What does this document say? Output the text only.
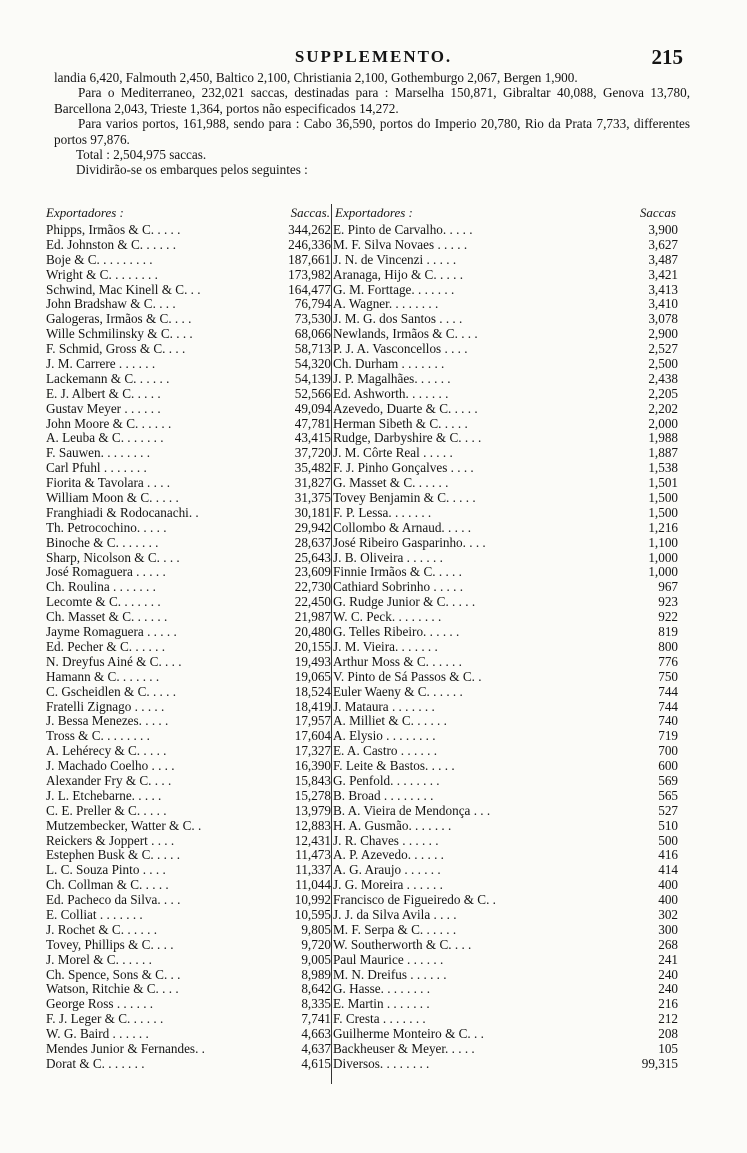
SUPPLEMENTO.	215

landia 6,420, Falmouth 2,450, Baltico 2,100, Christiania 2,100, Gothemburgo 2,067, Bergen 1,900.

Para o Mediterraneo, 232,021 saccas, destinadas para : Marselha 150,871, Gibraltar 40,088, Genova 13,780, Barcellona 2,043, Trieste 1,364, portos não especificados 14,272.

Para varios portos, 161,988, sendo para : Cabo 36,590, portos do Imperio 20,780, Rio da Prata 7,733, differentes portos 97,876.

Total : 2,504,975 saccas.

Dividirão-se os embarques pelos seguintes :

Exportadores :	Saccas. Exportadores :	Saccas
Phipps, Irmãos & C. . . . .	344,262
Ed. Johnston & C. . . . . .	246,336
Boje & C. . . . . . . . .	187,661
Wright & C. . . . . . . .	173,982
Schwind, Mac Kinell & C. . .	164,477
John Bradshaw & C. . . .	76,794
Galogeras, Irmãos & C. . . .	73,530
Wille Schmilinsky & C. . . .	68,066
F. Schmid, Gross & C. . . .	58,713
J. M. Carrere . . . . . .	54,320
Lackemann & C. . . . . .	54,139
E. J. Albert & C. . . . .	52,566
Gustav Meyer . . . . . .	49,094
John Moore & C. . . . . .	47,781
A. Leuba & C. . . . . . .	43,415
F. Sauwen. . . . . . . .	37,720
Carl Pfuhl . . . . . . .	35,482
Fiorita & Tavolara . . . .	31,827
William Moon & C. . . . .	31,375
Franghiadi & Rodocanachi. .	30,181
Th. Petrocochino. . . . .	29,942
Binoche & C. . . . . . .	28,637
Sharp, Nicolson & C. . . .	25,643
José Romaguera . . . . .	23,609
Ch. Roulina . . . . . . .	22,730
Lecomte & C. . . . . . .	22,450
Ch. Masset & C. . . . . .	21,987
Jayme Romaguera . . . . .	20,480
Ed. Pecher & C. . . . . .	20,155
N. Dreyfus Ainé & C. . . .	19,493
Hamann & C. . . . . . .	19,065
C. Gscheidlen & C. . . . .	18,524
Fratelli Zignago . . . . .	18,419
J. Bessa Menezes. . . . .	17,957
Tross & C. . . . . . . .	17,604
A. Lehérecy & C. . . . .	17,327
J. Machado Coelho . . . .	16,390
Alexander Fry & C. . . .	15,843
J. L. Etchebarne. . . . .	15,278
C. E. Preller & C. . . . .	13,979
Mutzembecker, Watter & C. .	12,883
Reickers & Joppert . . . .	12,431
Estephen Busk & C. . . . .	11,473
L. C. Souza Pinto . . . .	11,337
Ch. Collman & C. . . . .	11,044
Ed. Pacheco da Silva. . . .	10,992
E. Colliat . . . . . . .	10,595
J. Rochet & C. . . . . .	9,805
Tovey, Phillips & C. . . .	9,720
J. Morel & C. . . . . .	9,005
Ch. Spence, Sons & C. . .	8,989
Watson, Ritchie & C. . . .	8,642
George Ross . . . . . .	8,335
F. J. Leger & C. . . . . .	7,741
W. G. Baird . . . . . .	4,663
Mendes Junior & Fernandes. .	4,637
Dorat & C. . . . . . .	4,615
E. Pinto de Carvalho. . . . .	3,900
M. F. Silva Novaes . . . . .	3,627
J. N. de Vincenzi . . . . .	3,487
Aranaga, Hijo & C. . . . .	3,421
G. M. Forttage. . . . . . .	3,413
A. Wagner. . . . . . . .	3,410
J. M. G. dos Santos . . . .	3,078
Newlands, Irmãos & C. . . .	2,900
P. J. A. Vasconcellos . . . .	2,527
Ch. Durham . . . . . . .	2,500
J. P. Magalhães. . . . . .	2,438
Ed. Ashworth. . . . . . .	2,205
Azevedo, Duarte & C. . . . .	2,202
Herman Sibeth & C. . . . .	2,000
Rudge, Darbyshire & C. . . .	1,988
J. M. Côrte Real . . . . .	1,887
F. J. Pinho Gonçalves . . . .	1,538
G. Masset & C. . . . . .	1,501
Tovey Benjamin & C. . . . .	1,500
F. P. Lessa. . . . . . .	1,500
Collombo & Arnaud. . . . .	1,216
José Ribeiro Gasparinho. . . .	1,100
J. B. Oliveira . . . . . .	1,000
Finnie Irmãos & C. . . . .	1,000
Cathiard Sobrinho . . . . .	967
G. Rudge Junior & C. . . . .	923
W. C. Peck. . . . . . . .	922
G. Telles Ribeiro. . . . . .	819
J. M. Vieira. . . . . . .	800
Arthur Moss & C. . . . . .	776
V. Pinto de Sá Passos & C. .	750
Euler Waeny & C. . . . . .	744
J. Mataura . . . . . . .	744
A. Milliet & C. . . . . .	740
A. Elysio . . . . . . . .	719
E. A. Castro . . . . . .	700
F. Leite & Bastos. . . . .	600
G. Penfold. . . . . . . .	569
B. Broad . . . . . . . .	565
B. A. Vieira de Mendonça . . .	527
H. A. Gusmão. . . . . . .	510
J. R. Chaves . . . . . .	500
A. P. Azevedo. . . . . .	416
A. G. Araujo . . . . . .	414
J. G. Moreira . . . . . .	400
Francisco de Figueiredo & C. .	400
J. J. da Silva Avila . . . .	302
M. F. Serpa & C. . . . . .	300
W. Southerworth & C. . . .	268
Paul Maurice . . . . . .	241
M. N. Dreifus . . . . . .	240
G. Hasse. . . . . . . .	240
E. Martin . . . . . . .	216
F. Cresta . . . . . . .	212
Guilherme Monteiro & C. . .	208
Backheuser & Meyer. . . . .	105
Diversos. . . . . . . .	99,315
